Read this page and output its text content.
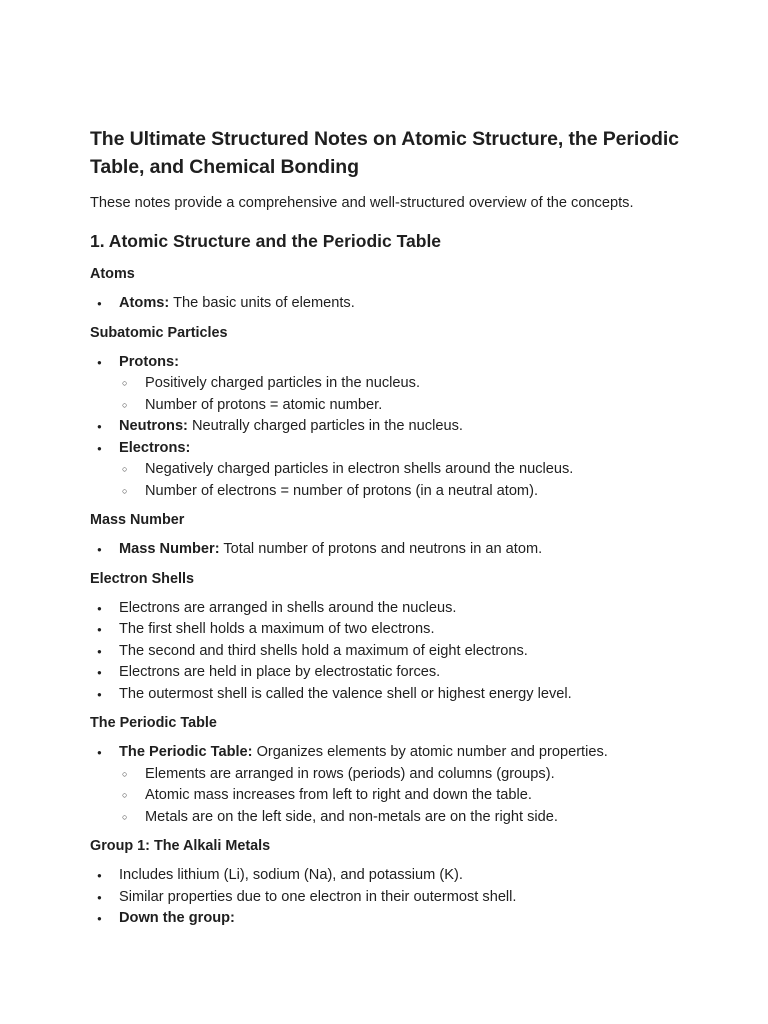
The Ultimate Structured Notes on Atomic Structure, the Periodic Table, and Chemical Bonding

These notes provide a comprehensive and well-structured overview of the concepts.

1. Atomic Structure and the Periodic Table
Atoms
● Atoms: The basic units of elements.
Subatomic Particles
● Protons:
○ Positively charged particles in the nucleus.
○ Number of protons = atomic number.
● Neutrons: Neutrally charged particles in the nucleus.
● Electrons:
○ Negatively charged particles in electron shells around the nucleus.
○ Number of electrons = number of protons (in a neutral atom).
Mass Number
● Mass Number: Total number of protons and neutrons in an atom.
Electron Shells
● Electrons are arranged in shells around the nucleus.
● The first shell holds a maximum of two electrons.
● The second and third shells hold a maximum of eight electrons.
● Electrons are held in place by electrostatic forces.
● The outermost shell is called the valence shell or highest energy level.
The Periodic Table
● The Periodic Table: Organizes elements by atomic number and properties.
○ Elements are arranged in rows (periods) and columns (groups).
○ Atomic mass increases from left to right and down the table.
○ Metals are on the left side, and non-metals are on the right side.
Group 1: The Alkali Metals
● Includes lithium (Li), sodium (Na), and potassium (K).
● Similar properties due to one electron in their outermost shell.
● Down the group:
